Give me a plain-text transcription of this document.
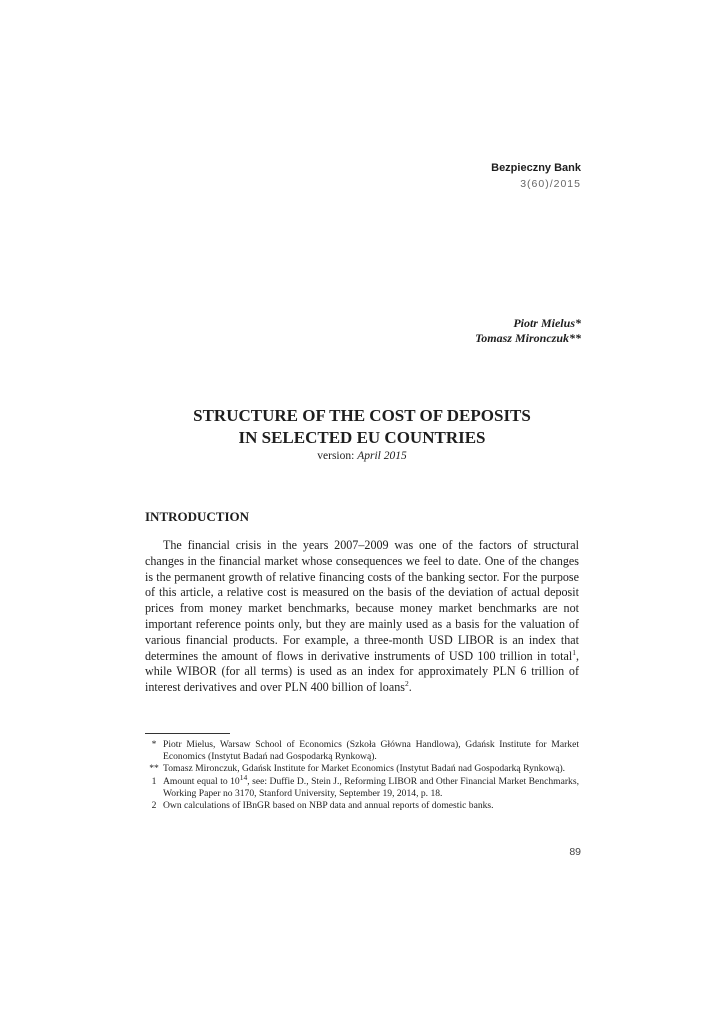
Bezpieczny Bank
3(60)/2015
Piotr Mielus*
Tomasz Mironczuk**
STRUCTURE OF THE COST OF DEPOSITS
IN SELECTED EU COUNTRIES
version: April 2015
INTRODUCTION

The financial crisis in the years 2007–2009 was one of the factors of structural changes in the financial market whose consequences we feel to date. One of the changes is the permanent growth of relative financing costs of the banking sector. For the purpose of this article, a relative cost is measured on the basis of the deviation of actual deposit prices from money market benchmarks, because money market benchmarks are not important reference points only, but they are mainly used as a basis for the valuation of various financial products. For example, a three-month USD LIBOR is an index that determines the amount of flows in derivative instruments of USD 100 trillion in total$^1$, while WIBOR (for all terms) is used as an index for approximately PLN 6 trillion of interest derivatives and over PLN 400 billion of loans$^2$.

* Piotr Mielus, Warsaw School of Economics (Szkoła Główna Handlowa), Gdańsk Institute for Market Economics (Instytut Badań nad Gospodarką Rynkową).
** Tomasz Mironczuk, Gdańsk Institute for Market Economics (Instytut Badań nad Gospodarką Rynkową).
1 Amount equal to $10^{14}$, see: Duffie D., Stein J., Reforming LIBOR and Other Financial Market Benchmarks, Working Paper no 3170, Stanford University, September 19, 2014, p. 18.
2 Own calculations of IBnGR based on NBP data and annual reports of domestic banks.
89
